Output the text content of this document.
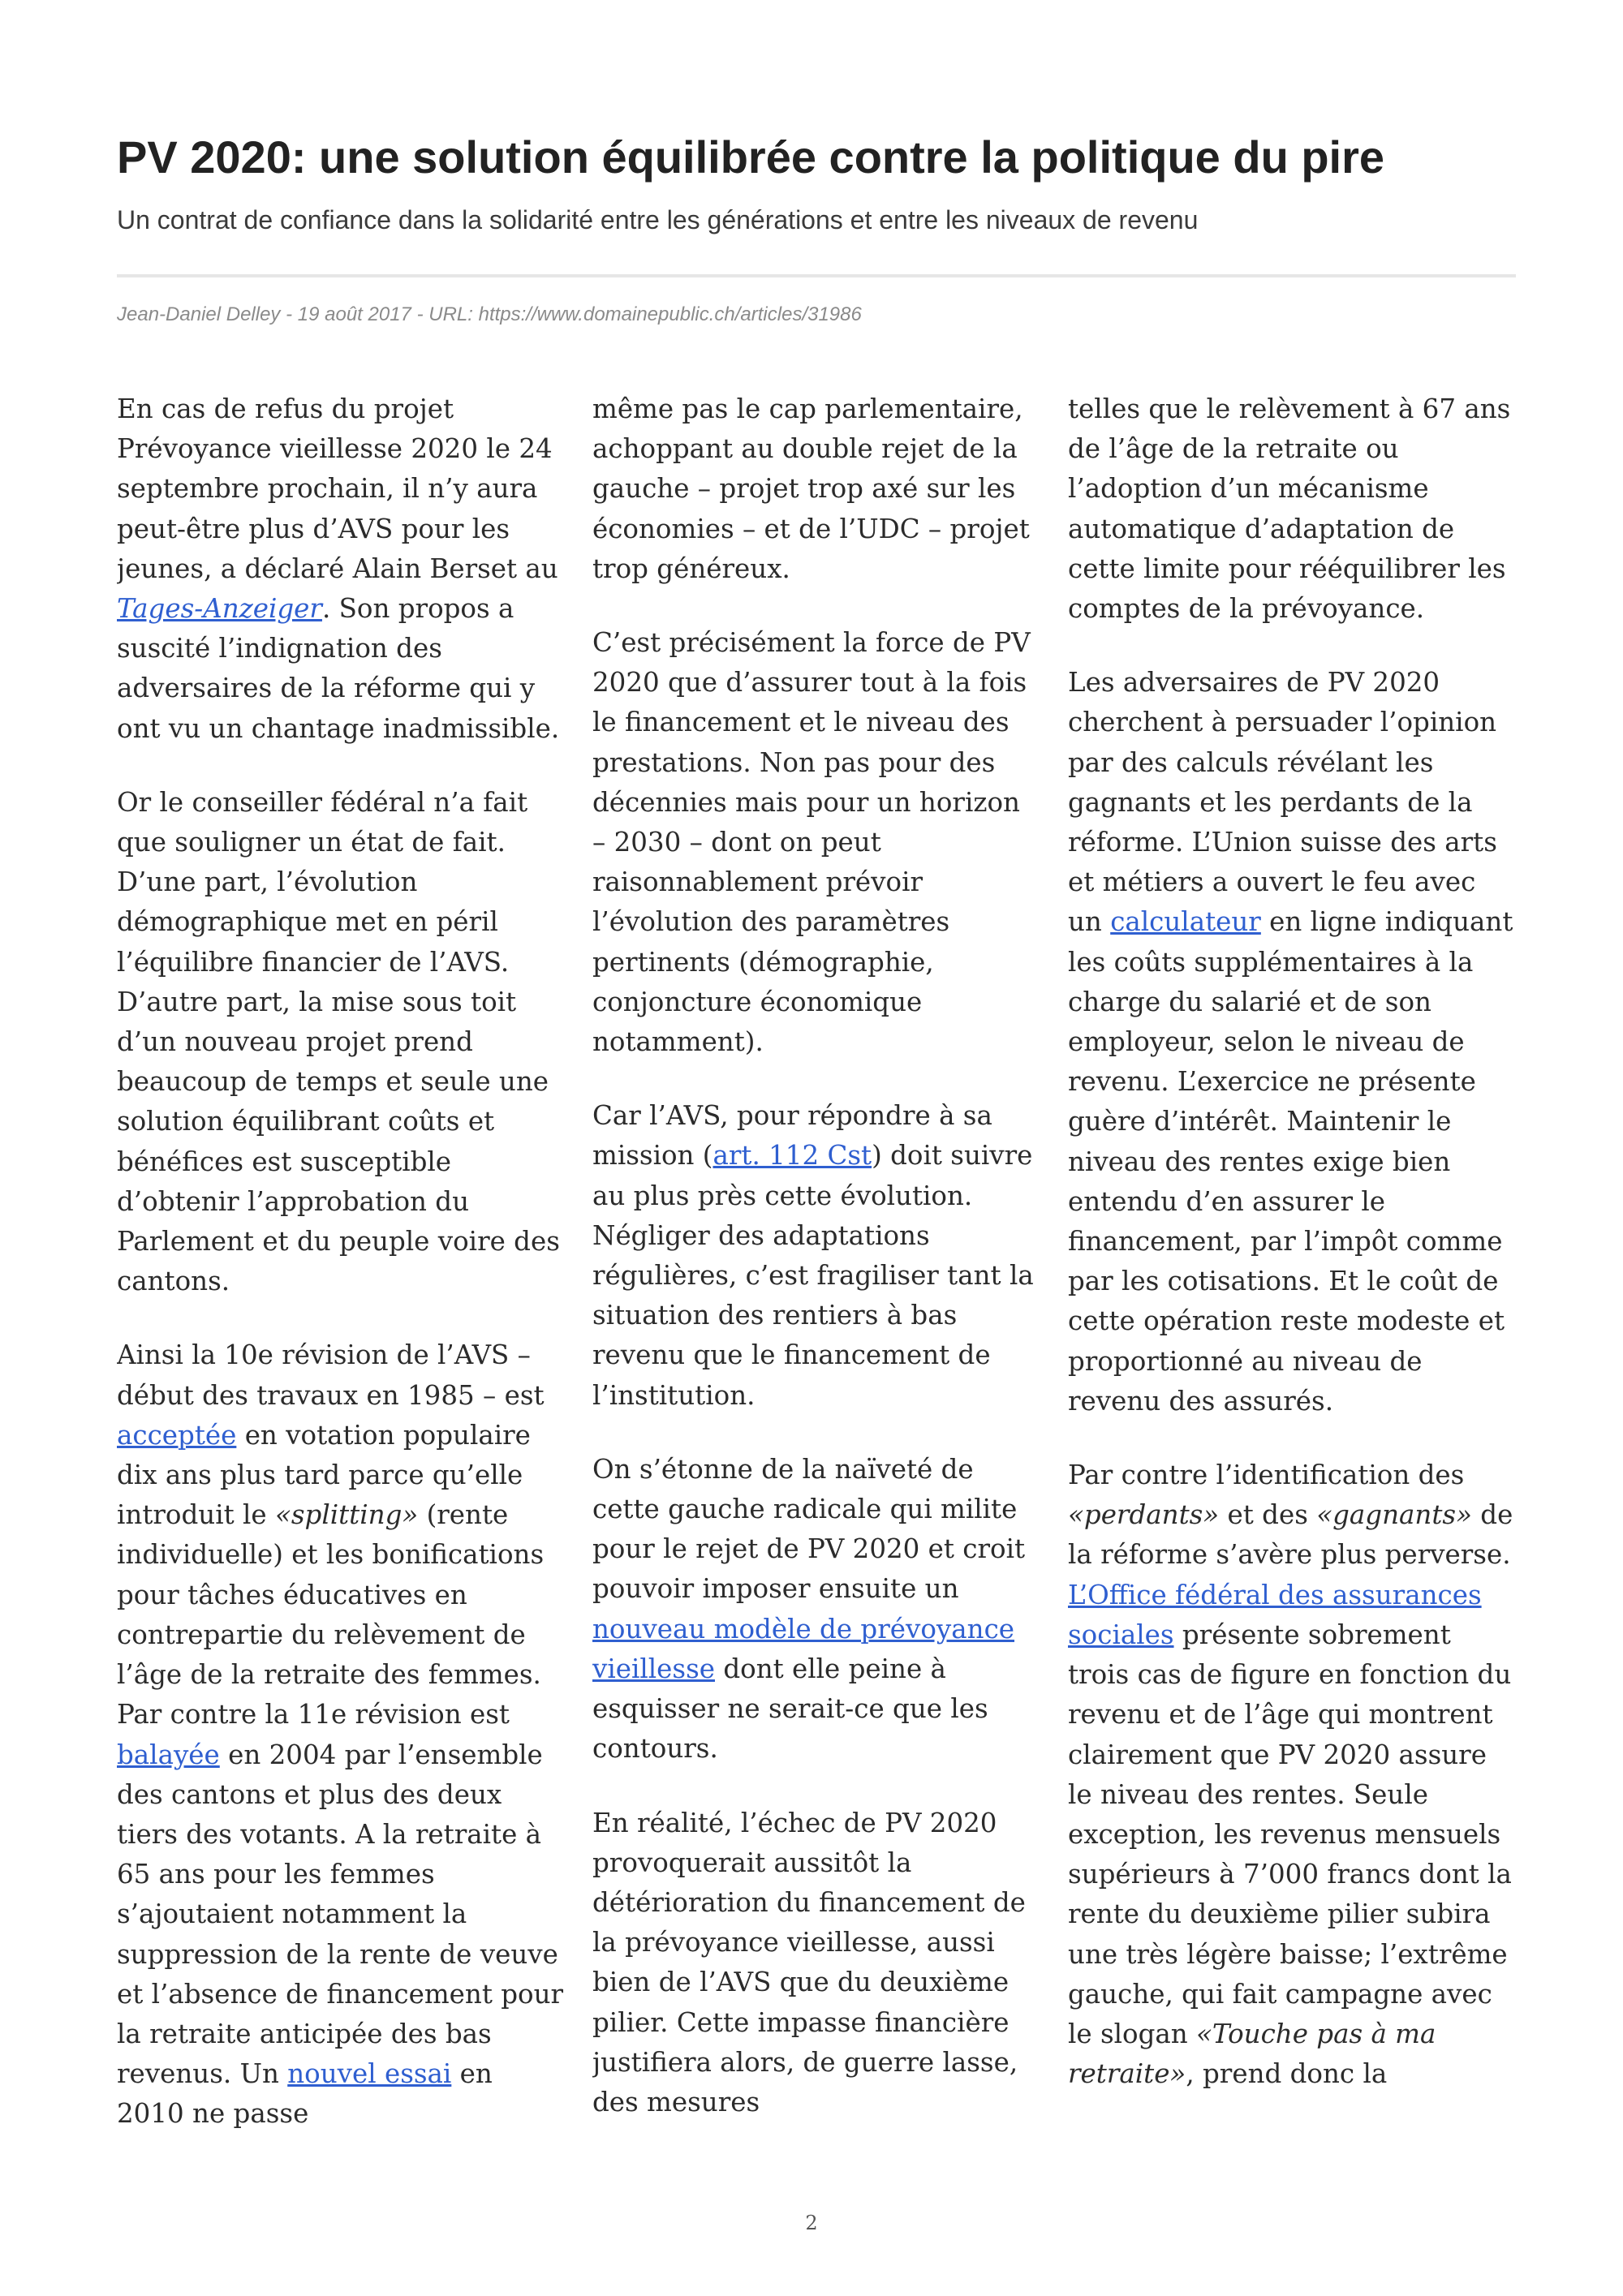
PV 2020: une solution équilibrée contre la politique du pire
Un contrat de confiance dans la solidarité entre les générations et entre les niveaux de revenu
Jean-Daniel Delley - 19 août 2017 - URL: https://www.domainepublic.ch/articles/31986

En cas de refus du projet Prévoyance vieillesse 2020 le 24 septembre prochain, il n’y aura peut-être plus d’AVS pour les jeunes, a déclaré Alain Berset au Tages-Anzeiger. Son propos a suscité l’indignation des adversaires de la réforme qui y ont vu un chantage inadmissible.

Or le conseiller fédéral n’a fait que souligner un état de fait. D’une part, l’évolution démographique met en péril l’équilibre financier de l’AVS. D’autre part, la mise sous toit d’un nouveau projet prend beaucoup de temps et seule une solution équilibrant coûts et bénéfices est susceptible d’obtenir l’approbation du Parlement et du peuple voire des cantons.

Ainsi la 10e révision de l’AVS – début des travaux en 1985 – est acceptée en votation populaire dix ans plus tard parce qu’elle introduit le «splitting» (rente individuelle) et les bonifications pour tâches éducatives en contrepartie du relèvement de l’âge de la retraite des femmes. Par contre la 11e révision est balayée en 2004 par l’ensemble des cantons et plus des deux tiers des votants. A la retraite à 65 ans pour les femmes s’ajoutaient notamment la suppression de la rente de veuve et l’absence de financement pour la retraite anticipée des bas revenus. Un nouvel essai en 2010 ne passe

même pas le cap parlementaire, achoppant au double rejet de la gauche – projet trop axé sur les économies – et de l’UDC – projet trop généreux.

C’est précisément la force de PV 2020 que d’assurer tout à la fois le financement et le niveau des prestations. Non pas pour des décennies mais pour un horizon – 2030 – dont on peut raisonnablement prévoir l’évolution des paramètres pertinents (démographie, conjoncture économique notamment).

Car l’AVS, pour répondre à sa mission (art. 112 Cst) doit suivre au plus près cette évolution. Négliger des adaptations régulières, c’est fragiliser tant la situation des rentiers à bas revenu que le financement de l’institution.

On s’étonne de la naïveté de cette gauche radicale qui milite pour le rejet de PV 2020 et croit pouvoir imposer ensuite un nouveau modèle de prévoyance vieillesse dont elle peine à esquisser ne serait-ce que les contours.

En réalité, l’échec de PV 2020 provoquerait aussitôt la détérioration du financement de la prévoyance vieillesse, aussi bien de l’AVS que du deuxième pilier. Cette impasse financière justifiera alors, de guerre lasse, des mesures

telles que le relèvement à 67 ans de l’âge de la retraite ou l’adoption d’un mécanisme automatique d’adaptation de cette limite pour rééquilibrer les comptes de la prévoyance.

Les adversaires de PV 2020 cherchent à persuader l’opinion par des calculs révélant les gagnants et les perdants de la réforme. L’Union suisse des arts et métiers a ouvert le feu avec un calculateur en ligne indiquant les coûts supplémentaires à la charge du salarié et de son employeur, selon le niveau de revenu. L’exercice ne présente guère d’intérêt. Maintenir le niveau des rentes exige bien entendu d’en assurer le financement, par l’impôt comme par les cotisations. Et le coût de cette opération reste modeste et proportionné au niveau de revenu des assurés.

Par contre l’identification des «perdants» et des «gagnants» de la réforme s’avère plus perverse. L’Office fédéral des assurances sociales présente sobrement trois cas de figure en fonction du revenu et de l’âge qui montrent clairement que PV 2020 assure le niveau des rentes. Seule exception, les revenus mensuels supérieurs à 7’000 francs dont la rente du deuxième pilier subira une très légère baisse; l’extrême gauche, qui fait campagne avec le slogan «Touche pas à ma retraite», prend donc la

2
